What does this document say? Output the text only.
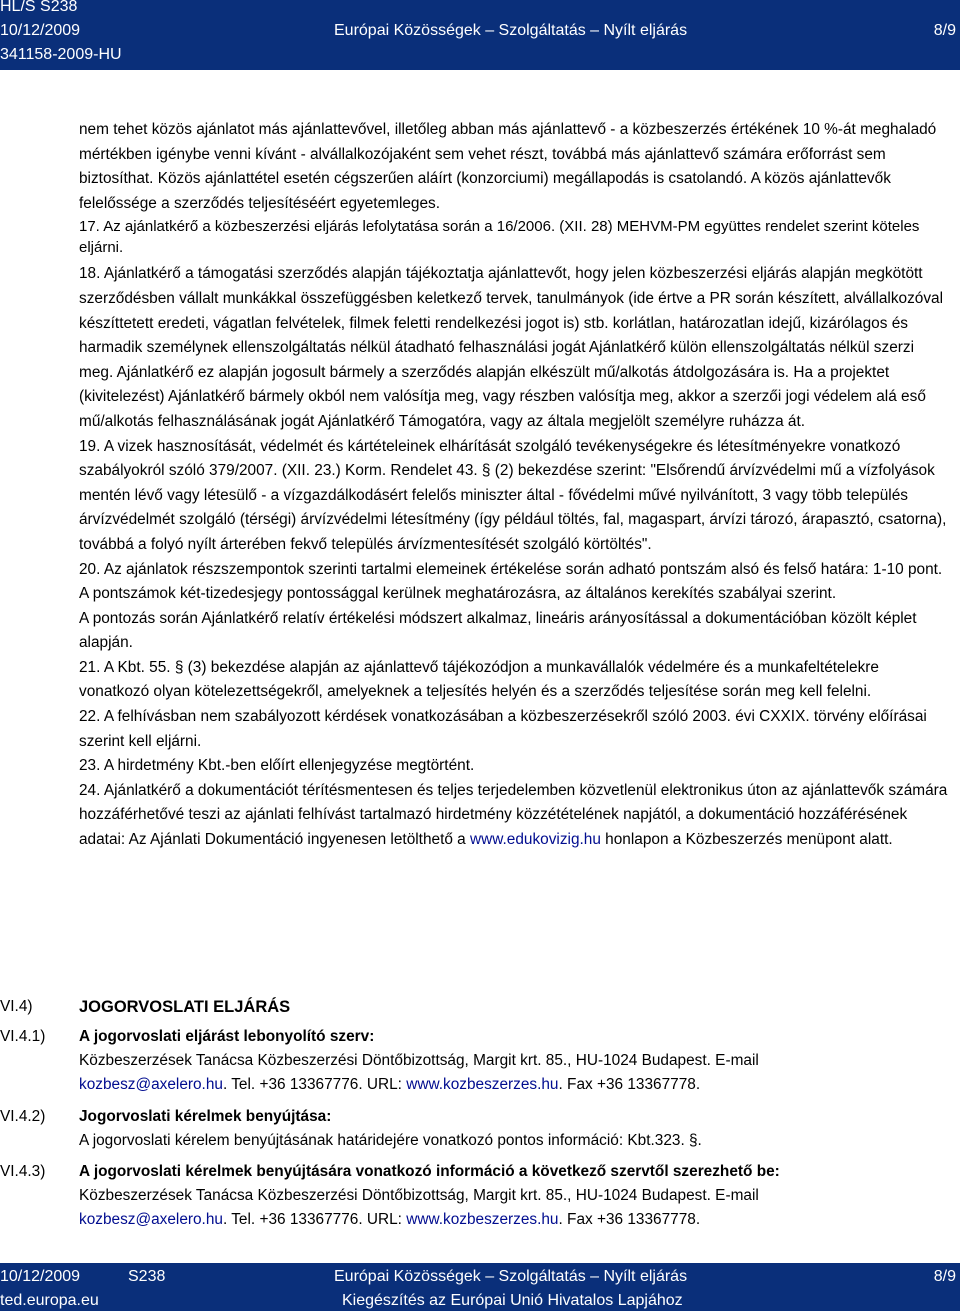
HL/S S238
10/12/2009
341158-2009-HU
Európai Közösségek – Szolgáltatás – Nyílt eljárás	8/9

nem tehet közös ajánlatot más ajánlattevővel, illetőleg abban más ajánlattevő - a közbeszerzés értékének 10 %-át meghaladó mértékben igénybe venni kívánt - alvállalkozójaként sem vehet részt, továbbá más ajánlattevő számára erőforrást sem biztosíthat. Közös ajánlattétel esetén cégszerűen aláírt (konzorciumi) megállapodás is csatolandó. A közös ajánlattevők felelőssége a szerződés teljesítéséért egyetemleges.

17. Az ajánlatkérő a közbeszerzési eljárás lefolytatása során a 16/2006. (XII. 28) MEHVM-PM együttes rendelet szerint köteles eljárni.

18. Ajánlatkérő a támogatási szerződés alapján tájékoztatja ajánlattevőt, hogy jelen közbeszerzési eljárás alapján megkötött szerződésben vállalt munkákkal összefüggésben keletkező tervek, tanulmányok (ide értve a PR során készített, alvállalkozóval készíttetett eredeti, vágatlan felvételek, filmek feletti rendelkezési jogot is) stb. korlátlan, határozatlan idejű, kizárólagos és harmadik személynek ellenszolgáltatás nélkül átadható felhasználási jogát Ajánlatkérő külön ellenszolgáltatás nélkül szerzi meg. Ajánlatkérő ez alapján jogosult bármely a szerződés alapján elkészült mű/alkotás átdolgozására is. Ha a projektet (kivitelezést) Ajánlatkérő bármely okból nem valósítja meg, vagy részben valósítja meg, akkor a szerzői jogi védelem alá eső mű/alkotás felhasználásának jogát Ajánlatkérő Támogatóra, vagy az általa megjelölt személyre ruházza át.

19. A vizek hasznosítását, védelmét és kártételeinek elhárítását szolgáló tevékenységekre és létesítményekre vonatkozó szabályokról szóló 379/2007. (XII. 23.) Korm. Rendelet 43. § (2) bekezdése szerint: "Elsőrendű árvízvédelmi mű a vízfolyások mentén lévő vagy létesülő - a vízgazdálkodásért felelős miniszter által - fővédelmi művé nyilvánított, 3 vagy több település árvízvédelmét szolgáló (térségi) árvízvédelmi létesítmény (így például töltés, fal, magaspart, árvízi tározó, árapasztó, csatorna), továbbá a folyó nyílt árterében fekvő település árvízmentesítését szolgáló körtöltés".

20. Az ajánlatok részszempontok szerinti tartalmi elemeinek értékelése során adható pontszám alsó és felső határa: 1-10 pont. A pontszámok két-tizedesjegy pontossággal kerülnek meghatározásra, az általános kerekítés szabályai szerint.

A pontozás során Ajánlatkérő relatív értékelési módszert alkalmaz, lineáris arányosítással a dokumentációban közölt képlet alapján.

21. A Kbt. 55. § (3) bekezdése alapján az ajánlattevő tájékozódjon a munkavállalók védelmére és a munkafeltételekre vonatkozó olyan kötelezettségekről, amelyeknek a teljesítés helyén és a szerződés teljesítése során meg kell felelni.

22. A felhívásban nem szabályozott kérdések vonatkozásában a közbeszerzésekről szóló 2003. évi CXXIX. törvény előírásai szerint kell eljárni.

23. A hirdetmény Kbt.-ben előírt ellenjegyzése megtörtént.

24. Ajánlatkérő a dokumentációt térítésmentesen és teljes terjedelemben közvetlenül elektronikus úton az ajánlattevők számára hozzáférhetővé teszi az ajánlati felhívást tartalmazó hirdetmény közzétételének napjától, a dokumentáció hozzáférésének adatai: Az Ajánlati Dokumentáció ingyenesen letölthető a www.edukovizig.hu honlapon a Közbeszerzés menüpont alatt.

VI.4)	JOGORVOSLATI ELJÁRÁS
VI.4.1)	A jogorvoslati eljárást lebonyolító szerv:
Közbeszerzések Tanácsa Közbeszerzési Döntőbizottság, Margit krt. 85., HU-1024 Budapest. E-mail
kozbesz@axelero.hu. Tel. +36 13367776. URL: www.kozbeszerzes.hu. Fax +36 13367778.
VI.4.2)	Jogorvoslati kérelmek benyújtása:
A jogorvoslati kérelem benyújtásának határidejére vonatkozó pontos információ: Kbt.323. §.
VI.4.3)	A jogorvoslati kérelmek benyújtására vonatkozó információ a következő szervtől szerezhető be:
Közbeszerzések Tanácsa Közbeszerzési Döntőbizottság, Margit krt. 85., HU-1024 Budapest. E-mail
kozbesz@axelero.hu. Tel. +36 13367776. URL: www.kozbeszerzes.hu. Fax +36 13367778.
10/12/2009	S238
ted.europa.eu
Európai Közösségek – Szolgáltatás – Nyílt eljárás
Kiegészítés az Európai Unió Hivatalos Lapjához
8/9
